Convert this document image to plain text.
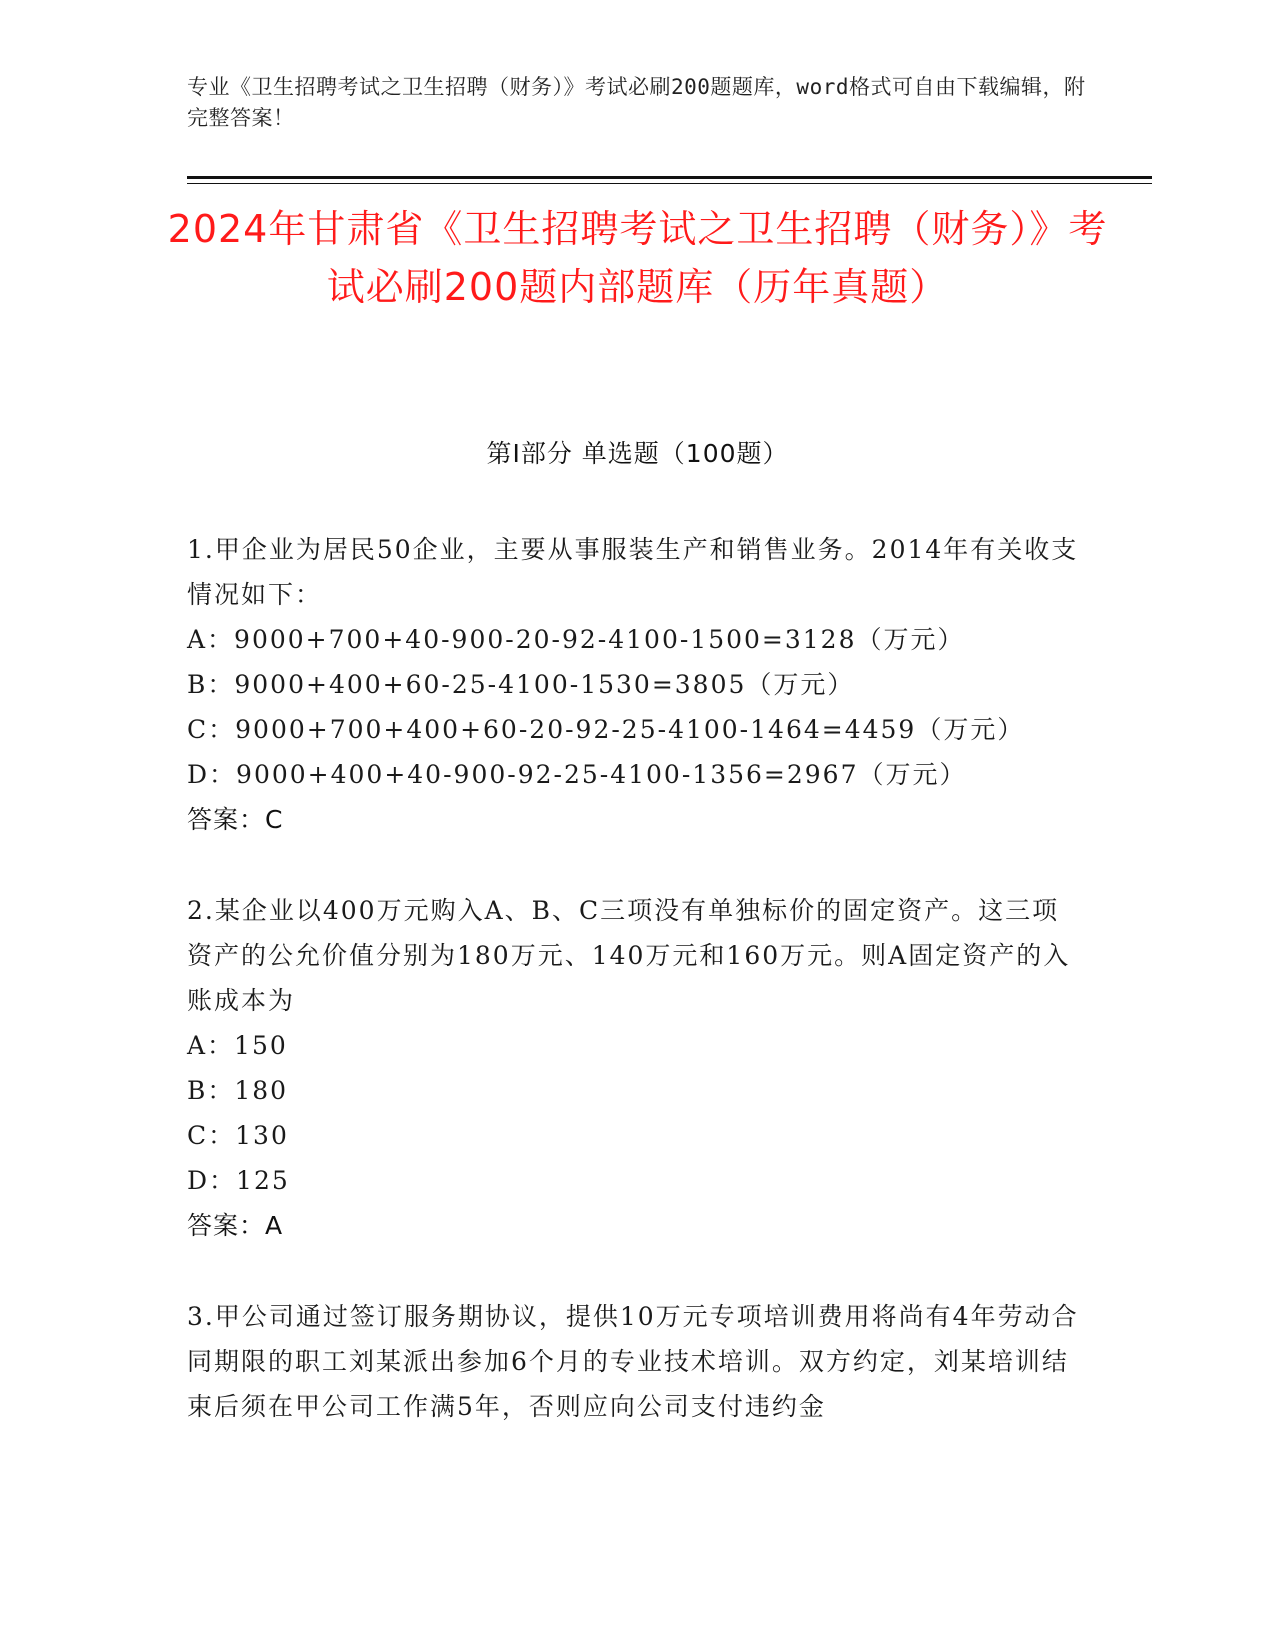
专业《卫生招聘考试之卫生招聘（财务）》考试必刷200题题库，word格式可自由下载编辑，附完整答案！
2024年甘肃省《卫生招聘考试之卫生招聘（财务）》考试必刷200题内部题库（历年真题）
第I部分 单选题（100题）

1.甲企业为居民50企业，主要从事服装生产和销售业务。2014年有关收支情况如下：

A：9000+700+40-900-20-92-4100-1500=3128（万元）

B：9000+400+60-25-4100-1530=3805（万元）

C：9000+700+400+60-20-92-25-4100-1464=4459（万元）

D：9000+400+40-900-92-25-4100-1356=2967（万元）

答案：C

2.某企业以400万元购入A、B、C三项没有单独标价的固定资产。这三项资产的公允价值分别为180万元、140万元和160万元。则A固定资产的入账成本为

A：150

B：180

C：130

D：125

答案：A

3.甲公司通过签订服务期协议，提供10万元专项培训费用将尚有4年劳动合同期限的职工刘某派出参加6个月的专业技术培训。双方约定，刘某培训结束后须在甲公司工作满5年，否则应向公司支付违约金
